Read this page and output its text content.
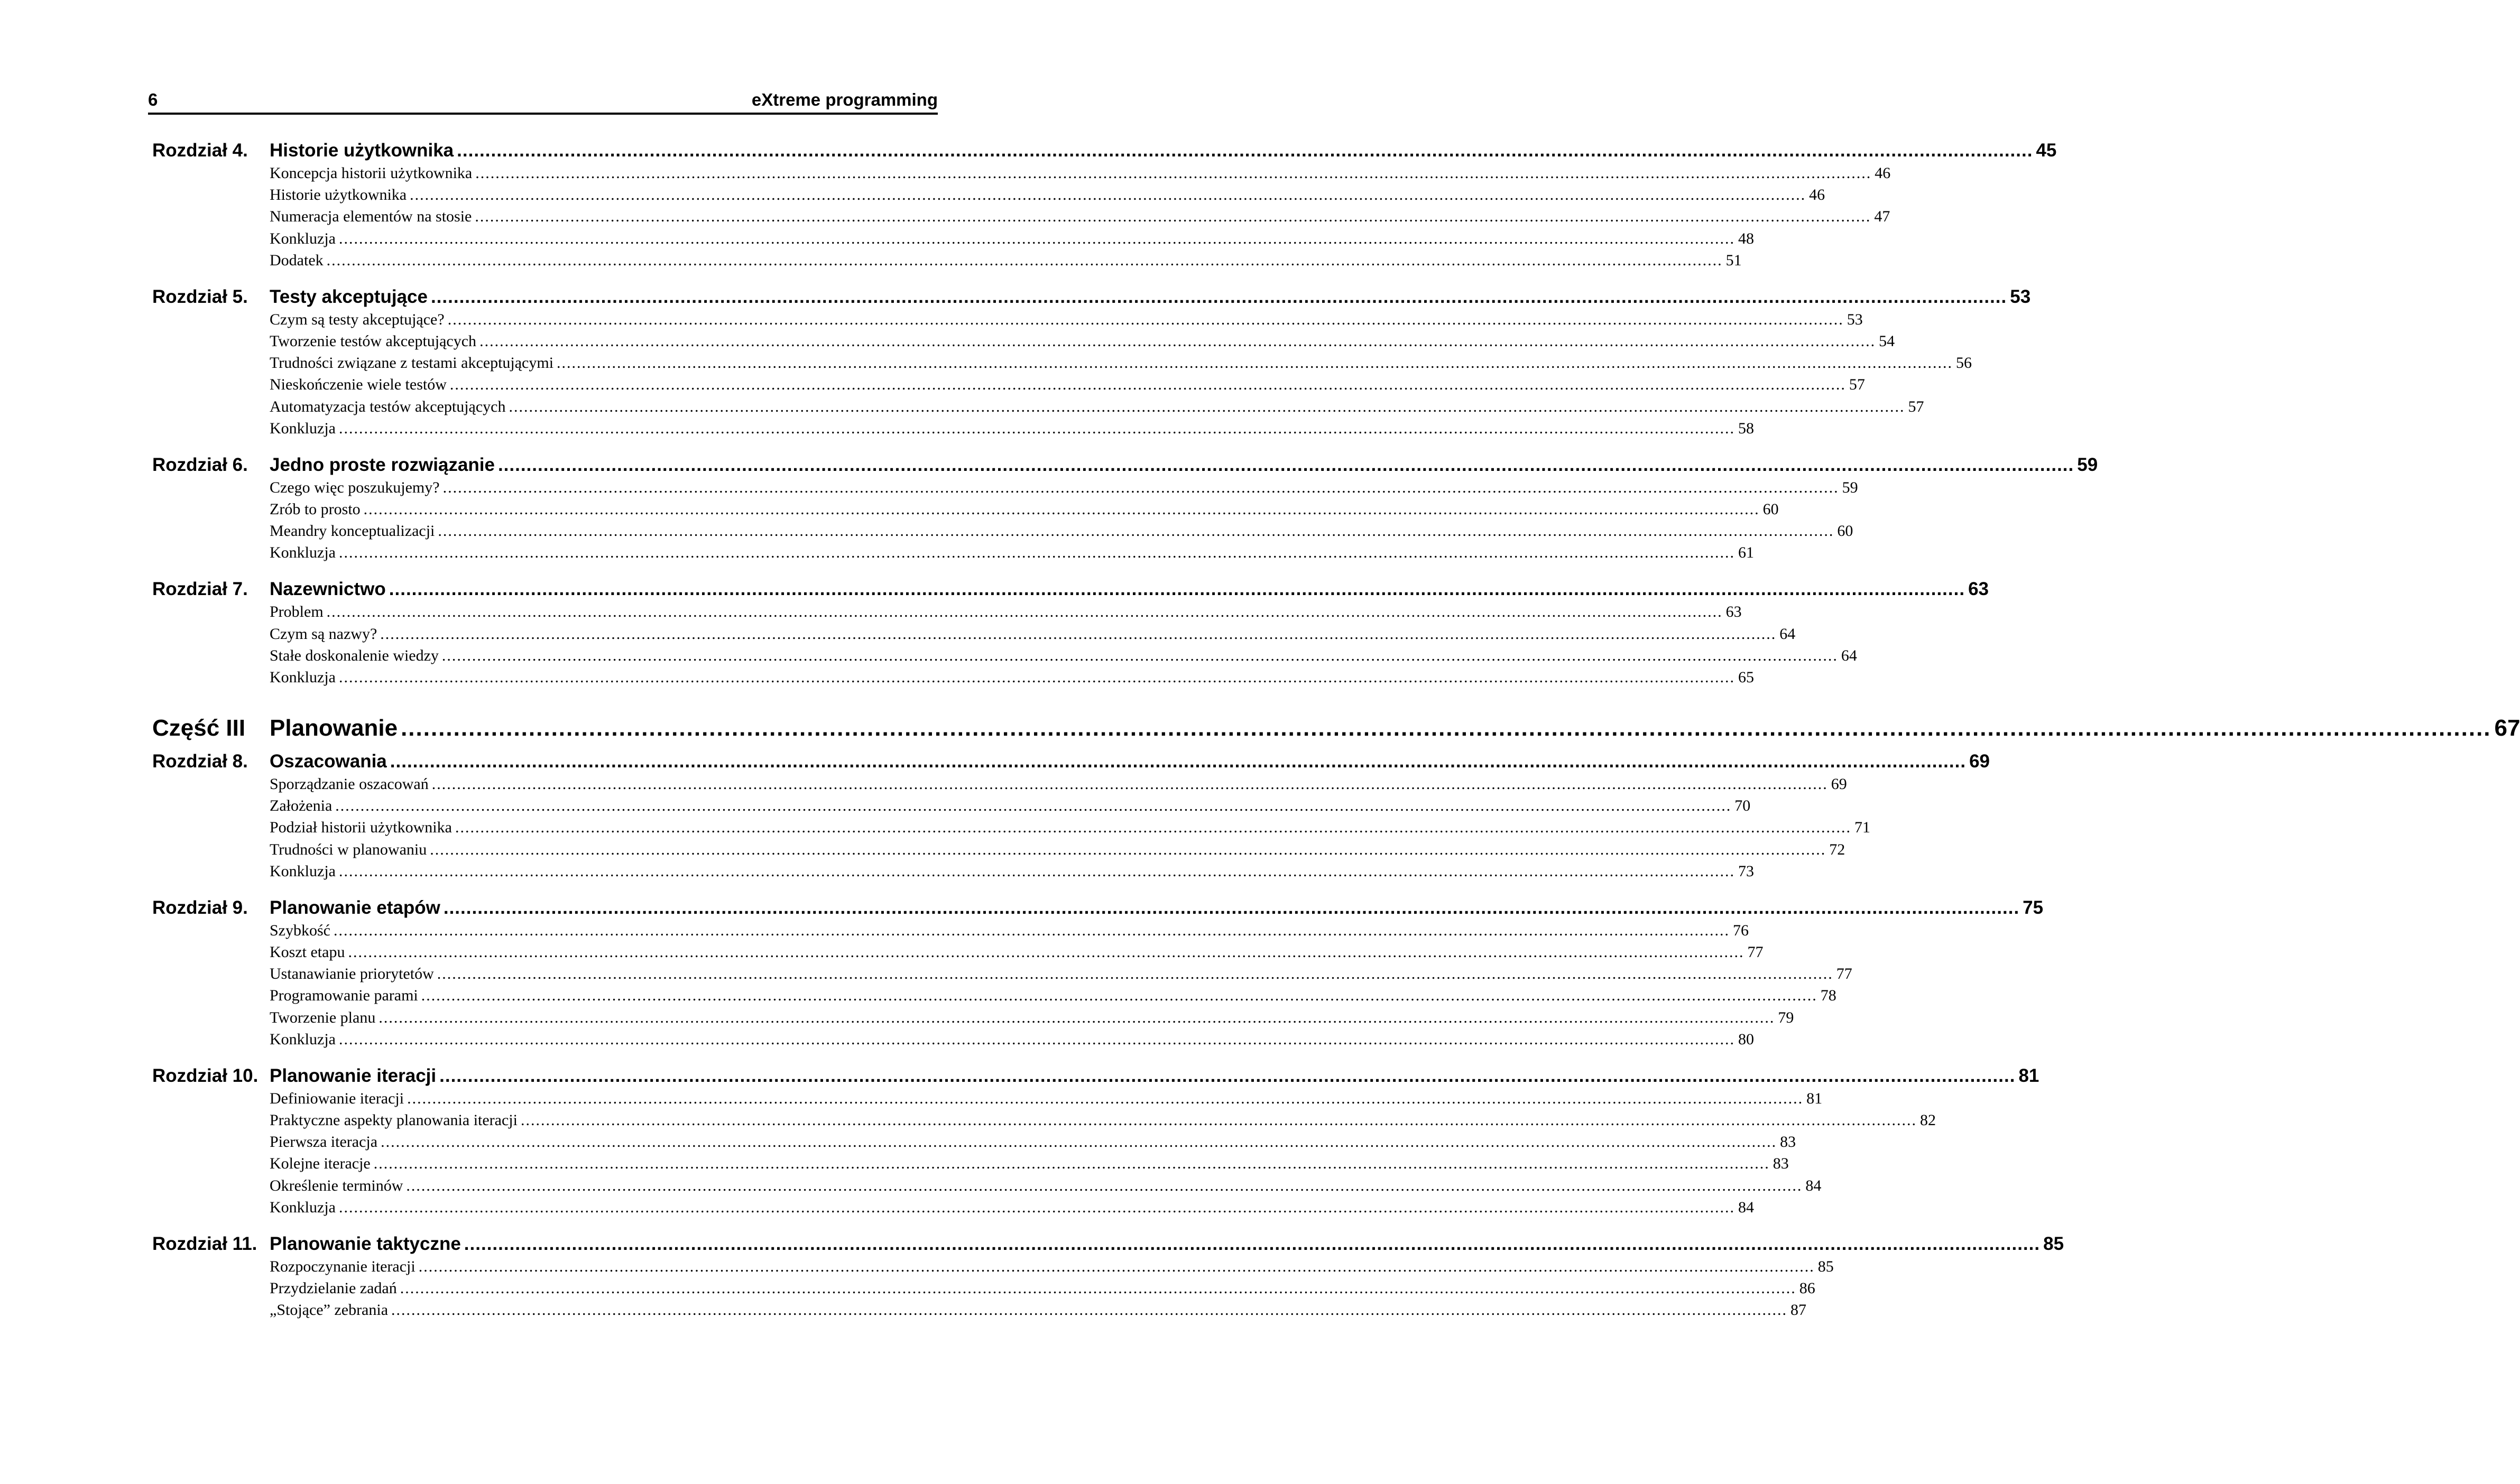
6	eXtreme programming
Rozdział 4.	Historie użytkownika ...................................................................................................................................................................................................................................................................................... 45
Koncepcja historii użytkownika ...................................................................................................................................................................................................................................................................................... 46
Historie użytkownika ...................................................................................................................................................................................................................................................................................... 46
Numeracja elementów na stosie ...................................................................................................................................................................................................................................................................................... 47
Konkluzja ...................................................................................................................................................................................................................................................................................... 48
Dodatek ...................................................................................................................................................................................................................................................................................... 51
Rozdział 5.	Testy akceptujące ...................................................................................................................................................................................................................................................................................... 53
Czym są testy akceptujące? ...................................................................................................................................................................................................................................................................................... 53
Tworzenie testów akceptujących ...................................................................................................................................................................................................................................................................................... 54
Trudności związane z testami akceptującymi ...................................................................................................................................................................................................................................................................................... 56
Nieskończenie wiele testów ...................................................................................................................................................................................................................................................................................... 57
Automatyzacja testów akceptujących ...................................................................................................................................................................................................................................................................................... 57
Konkluzja ...................................................................................................................................................................................................................................................................................... 58
Rozdział 6.	Jedno proste rozwiązanie ...................................................................................................................................................................................................................................................................................... 59
Czego więc poszukujemy? ...................................................................................................................................................................................................................................................................................... 59
Zrób to prosto ...................................................................................................................................................................................................................................................................................... 60
Meandry konceptualizacji ...................................................................................................................................................................................................................................................................................... 60
Konkluzja ...................................................................................................................................................................................................................................................................................... 61
Rozdział 7.	Nazewnictwo ...................................................................................................................................................................................................................................................................................... 63
Problem ...................................................................................................................................................................................................................................................................................... 63
Czym są nazwy? ...................................................................................................................................................................................................................................................................................... 64
Stałe doskonalenie wiedzy ...................................................................................................................................................................................................................................................................................... 64
Konkluzja ...................................................................................................................................................................................................................................................................................... 65
Część III	Planowanie ...................................................................................................................................................................................................................................................................................... 67
Rozdział 8.	Oszacowania ...................................................................................................................................................................................................................................................................................... 69
Sporządzanie oszacowań ...................................................................................................................................................................................................................................................................................... 69
Założenia ...................................................................................................................................................................................................................................................................................... 70
Podział historii użytkownika ...................................................................................................................................................................................................................................................................................... 71
Trudności w planowaniu ...................................................................................................................................................................................................................................................................................... 72
Konkluzja ...................................................................................................................................................................................................................................................................................... 73
Rozdział 9.	Planowanie etapów ...................................................................................................................................................................................................................................................................................... 75
Szybkość ...................................................................................................................................................................................................................................................................................... 76
Koszt etapu ...................................................................................................................................................................................................................................................................................... 77
Ustanawianie priorytetów ...................................................................................................................................................................................................................................................................................... 77
Programowanie parami ...................................................................................................................................................................................................................................................................................... 78
Tworzenie planu ...................................................................................................................................................................................................................................................................................... 79
Konkluzja ...................................................................................................................................................................................................................................................................................... 80
Rozdział 10. Planowanie iteracji ...................................................................................................................................................................................................................................................................................... 81
Definiowanie iteracji ...................................................................................................................................................................................................................................................................................... 81
Praktyczne aspekty planowania iteracji ...................................................................................................................................................................................................................................................................................... 82
Pierwsza iteracja ...................................................................................................................................................................................................................................................................................... 83
Kolejne iteracje ...................................................................................................................................................................................................................................................................................... 83
Określenie terminów ...................................................................................................................................................................................................................................................................................... 84
Konkluzja ...................................................................................................................................................................................................................................................................................... 84
Rozdział 11. Planowanie taktyczne ...................................................................................................................................................................................................................................................................................... 85
Rozpoczynanie iteracji ...................................................................................................................................................................................................................................................................................... 85
Przydzielanie zadań ...................................................................................................................................................................................................................................................................................... 86
„Stojące” zebrania ...................................................................................................................................................................................................................................................................................... 87
